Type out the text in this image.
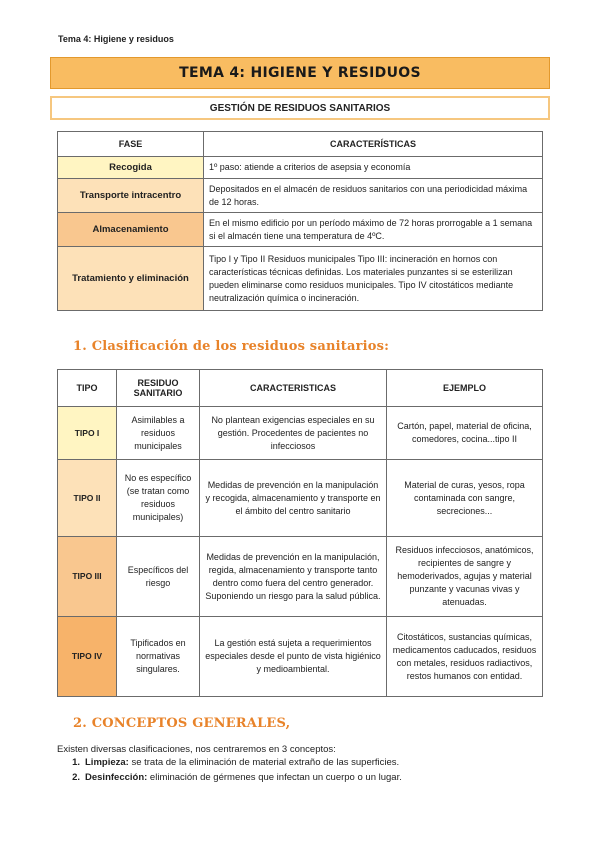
Tema 4: Higiene y residuos
TEMA 4: HIGIENE Y RESIDUOS
GESTIÓN DE RESIDUOS SANITARIOS
FASE	CARACTERÍSTICAS
Recogida	1º paso: atiende a criterios de asepsia y economía
Transporte intracentro	Depositados en el almacén de residuos sanitarios con una periodicidad máxima de 12 horas.
Almacenamiento	En el mismo edificio por un período máximo de 72 horas prorrogable a 1 semana si el almacén tiene una temperatura de 4ºC.
Tratamiento y eliminación	Tipo I y Tipo II Residuos municipales Tipo III: incineración en hornos con características técnicas definidas. Los materiales punzantes si se esterilizan pueden eliminarse como residuos municipales. Tipo IV citostáticos mediante neutralización química o incineración.
1. Clasificación de los residuos sanitarios:
TIPO	RESIDUO SANITARIO	CARACTERISTICAS	EJEMPLO
TIPO I	Asimilables a residuos municipales	No plantean exigencias especiales en su gestión. Procedentes de pacientes no infecciosos	Cartón, papel, material de oficina, comedores, cocina...tipo II
TIPO II	No es específico (se tratan como residuos municipales)	Medidas de prevención en la manipulación y recogida, almacenamiento y transporte en el ámbito del centro sanitario	Material de curas, yesos, ropa contaminada con sangre, secreciones...
TIPO III	Específicos del riesgo	Medidas de prevención en la manipulación, regida, almacenamiento y transporte tanto dentro como fuera del centro generador. Suponiendo un riesgo para la salud pública.	Residuos infecciosos, anatómicos, recipientes de sangre y hemoderivados, agujas y material punzante y vacunas vivas y atenuadas.
TIPO IV	Tipificados en normativas singulares.	La gestión está sujeta a requerimientos especiales desde el punto de vista higiénico y medioambiental.	Citostáticos, sustancias químicas, medicamentos caducados, residuos con metales, residuos radiactivos, restos humanos con entidad.
2. CONCEPTOS GENERALES,
Existen diversas clasificaciones, nos centraremos en 3 conceptos:
1. Limpieza: se trata de la eliminación de material extraño de las superficies.
2. Desinfección: eliminación de gérmenes que infectan un cuerpo o un lugar.
